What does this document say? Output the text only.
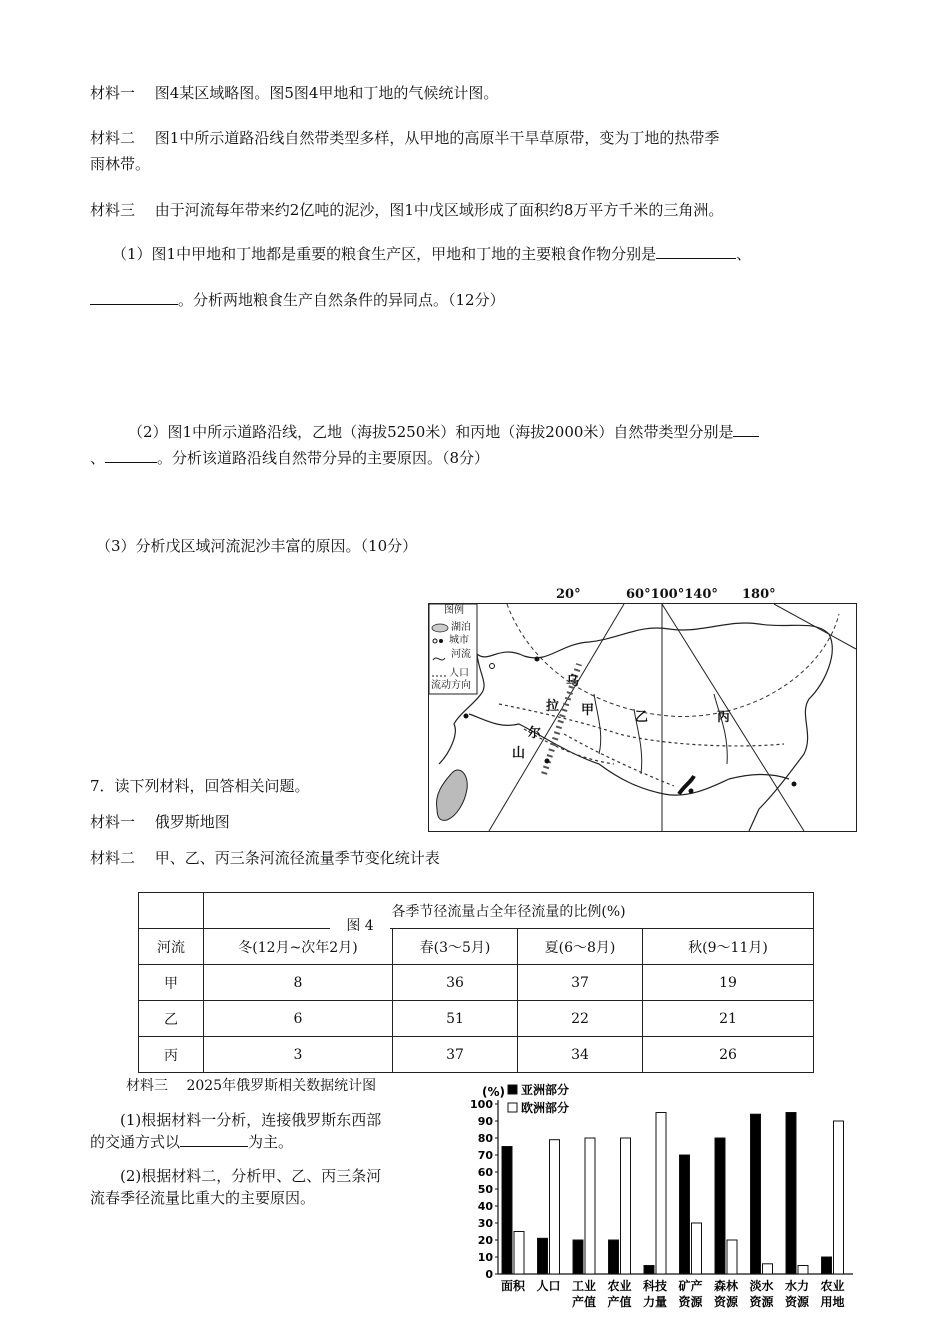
材料一　 图4某区域略图。图5图4甲地和丁地的气候统计图。
材料二　 图1中所示道路沿线自然带类型多样，从甲地的高原半干旱草原带，变为丁地的热带季
雨林带。
材料三　 由于河流每年带来约2亿吨的泥沙，图1中戊区域形成了面积约8万平方千米的三角洲。
（1）图1中甲地和丁地都是重要的粮食生产区，甲地和丁地的主要粮食作物分别是	、
。分析两地粮食生产自然条件的异同点。（12分）
（2）图1中所示道路沿线，乙地（海拔5250米）和丙地（海拔2000米）自然带类型分别是
、	。分析该道路沿线自然带分异的主要原因。（8分）
（3）分析戊区域河流泥沙丰富的原因。（10分）
20°	60°100°140° 180°
图例
湖泊
城市
河流
人口
流动方向	乌
拉
尔
山
甲	乙	丙
7．读下列材料，回答相关问题。
材料一　 俄罗斯地图
材料二　 甲、乙、丙三条河流径流量季节变化统计表
	各季节径流量占全年径流量的比例(%)			
河流	冬(12月~次年2月)	春(3～5月)	夏(6～8月)	秋(9～11月)
甲	8	36	37	19
乙	6	51	22	21
丙	3	37	34	26
图 4
材料三　 2025年俄罗斯相关数据统计图
(1)根据材料一分析，连接俄罗斯东西部
的交通方式以	为主。
(2)根据材料二，分析甲、乙、丙三条河
流春季径流量比重大的主要原因。
(%)
0
10
20
30
40
50
60
70
80
90
100
亚洲部分
欧洲部分
面积 人口 工业
产值
农业
产值
科技
力量
矿产
资源
森林
资源
淡水
资源
水力
资源
农业
用地
